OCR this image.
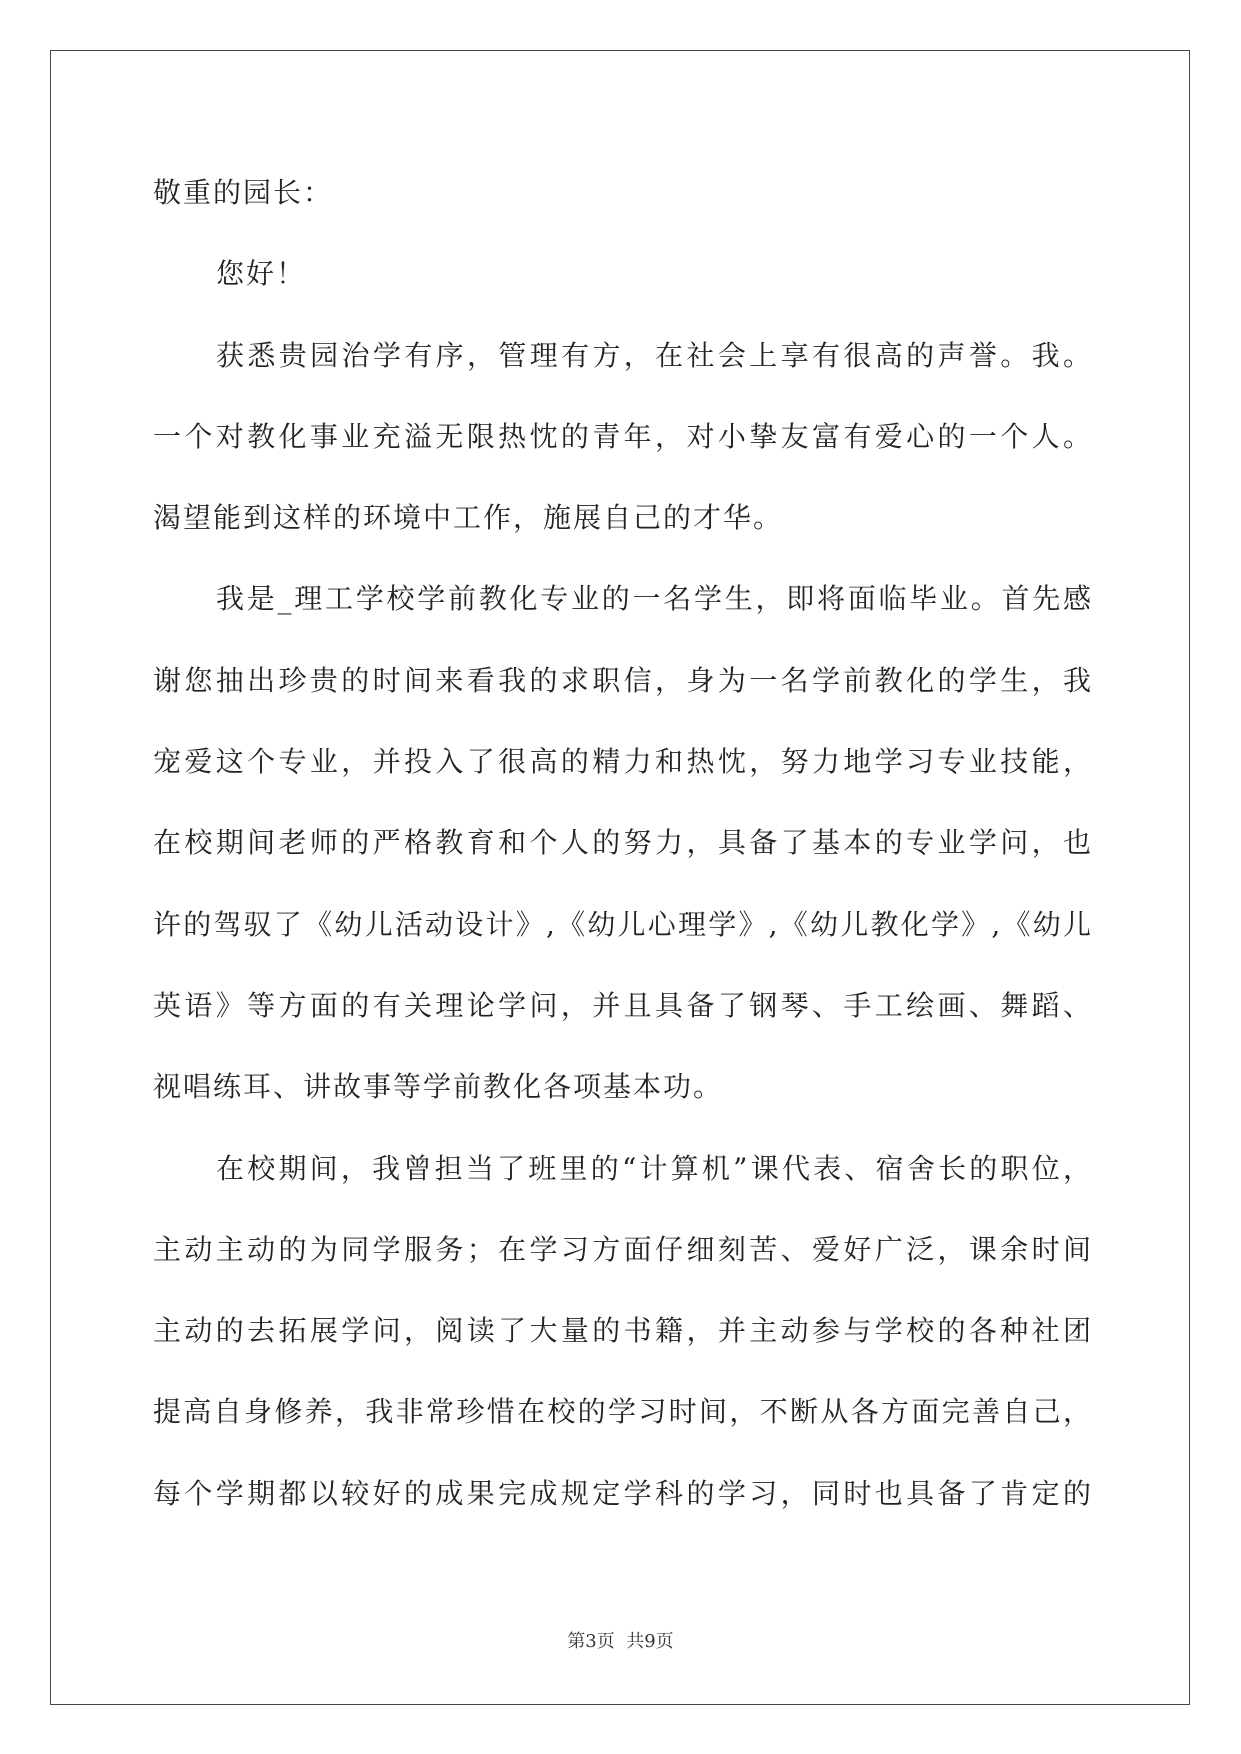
敬重的园长：
您好！
获悉贵园治学有序，管理有方，在社会上享有很高的声誉。我。
一个对教化事业充溢无限热忱的青年，对小挚友富有爱心的一个人。
渴望能到这样的环境中工作，施展自己的才华。
我是_理工学校学前教化专业的一名学生，即将面临毕业。首先感
谢您抽出珍贵的时间来看我的求职信，身为一名学前教化的学生，我
宠爱这个专业，并投入了很高的精力和热忱，努力地学习专业技能，
在校期间老师的严格教育和个人的努力，具备了基本的专业学问，也
许的驾驭了《幼儿活动设计》,《幼儿心理学》,《幼儿教化学》,《幼儿
英语》等方面的有关理论学问，并且具备了钢琴、手工绘画、舞蹈、
视唱练耳、讲故事等学前教化各项基本功。
在校期间，我曾担当了班里的“计算机”课代表、宿舍长的职位，
主动主动的为同学服务；在学习方面仔细刻苦、爱好广泛，课余时间
主动的去拓展学问，阅读了大量的书籍，并主动参与学校的各种社团
提高自身修养，我非常珍惜在校的学习时间，不断从各方面完善自己，
每个学期都以较好的成果完成规定学科的学习，同时也具备了肯定的
第3页  共9页
